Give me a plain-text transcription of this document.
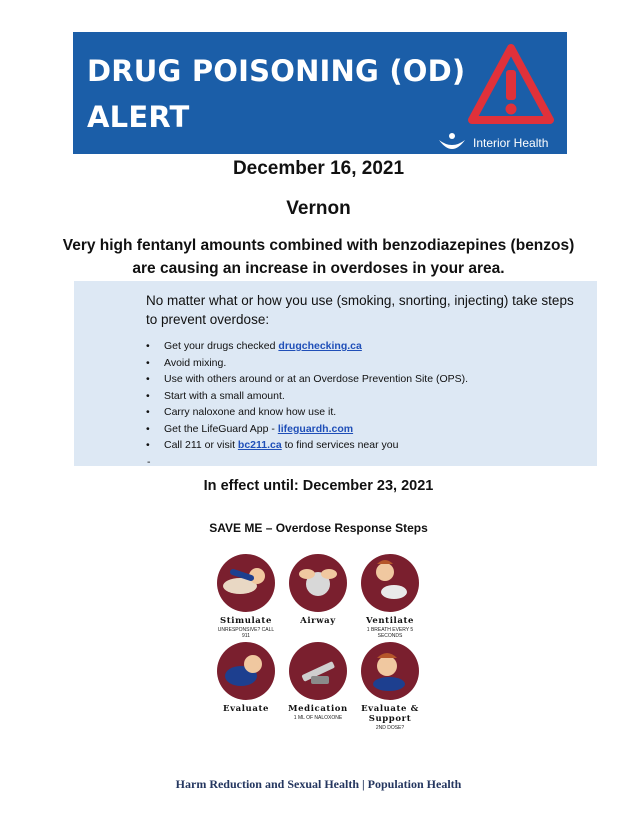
DRUG POISONING (OD)
ALERT
Interior Health
December 16, 2021
Vernon
Very high fentanyl amounts combined with benzodiazepines (benzos)
are causing an increase in overdoses in your area.
No matter what or how you use (smoking, snorting, injecting) take steps to prevent overdose:
• Get your drugs checked drugchecking.ca
• Avoid mixing.
• Use with others around or at an Overdose Prevention Site (OPS).
• Start with a small amount.
• Carry naloxone and know how use it.
• Get the LifeGuard App - lifeguardh.com
• Call 211 or visit bc211.ca to find services near you
In effect until: December 23, 2021
SAVE ME – Overdose Response Steps
Stimulate
UNRESPONSIVE? CALL 911
Airway	Ventilate
1 BREATH EVERY 5 SECONDS
Evaluate	Medication
1 ML OF NALOXONE
Evaluate & Support
2ND DOSE?
Harm Reduction and Sexual Health | Population Health
